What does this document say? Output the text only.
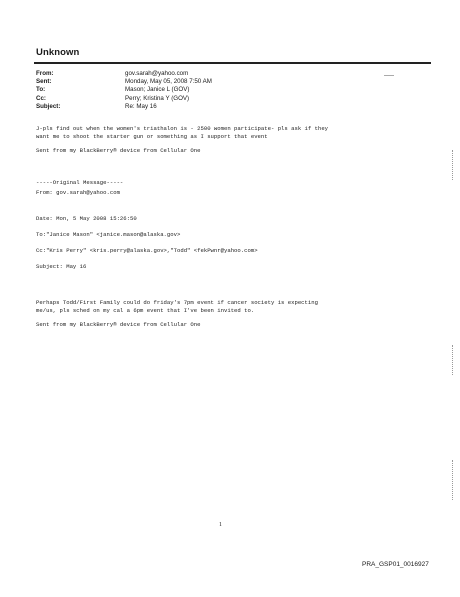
Unknown
From:	gov.sarah@yahoo.com
Sent:	Monday, May 05, 2008 7:50 AM
To:	Mason; Janice L (GOV)
Cc:	Perry; Kristina Y (GOV)
Subject:	Re: May 16
J-pls find out when the women's triathalon is - 2500 women participate- pls ask if they
want me to shoot the starter gun or something as I support that event
Sent from my BlackBerry® device from Cellular One
-----Original Message-----
From: gov.sarah@yahoo.com
Date: Mon, 5 May 2008 15:26:50
To:"Janice Mason" <janice.mason@alaska.gov>
Cc:"Kris Perry" <kris.perry@alaska.gov>,"Todd" <fekPwnr@yahoo.com>
Subject: May 16
Perhaps Todd/First Family could do friday's 7pm event if cancer society is expecting
me/us, pls sched on my cal a 6pm event that I've been invited to.
Sent from my BlackBerry® device from Cellular One
1
PRA_GSP01_0016927
